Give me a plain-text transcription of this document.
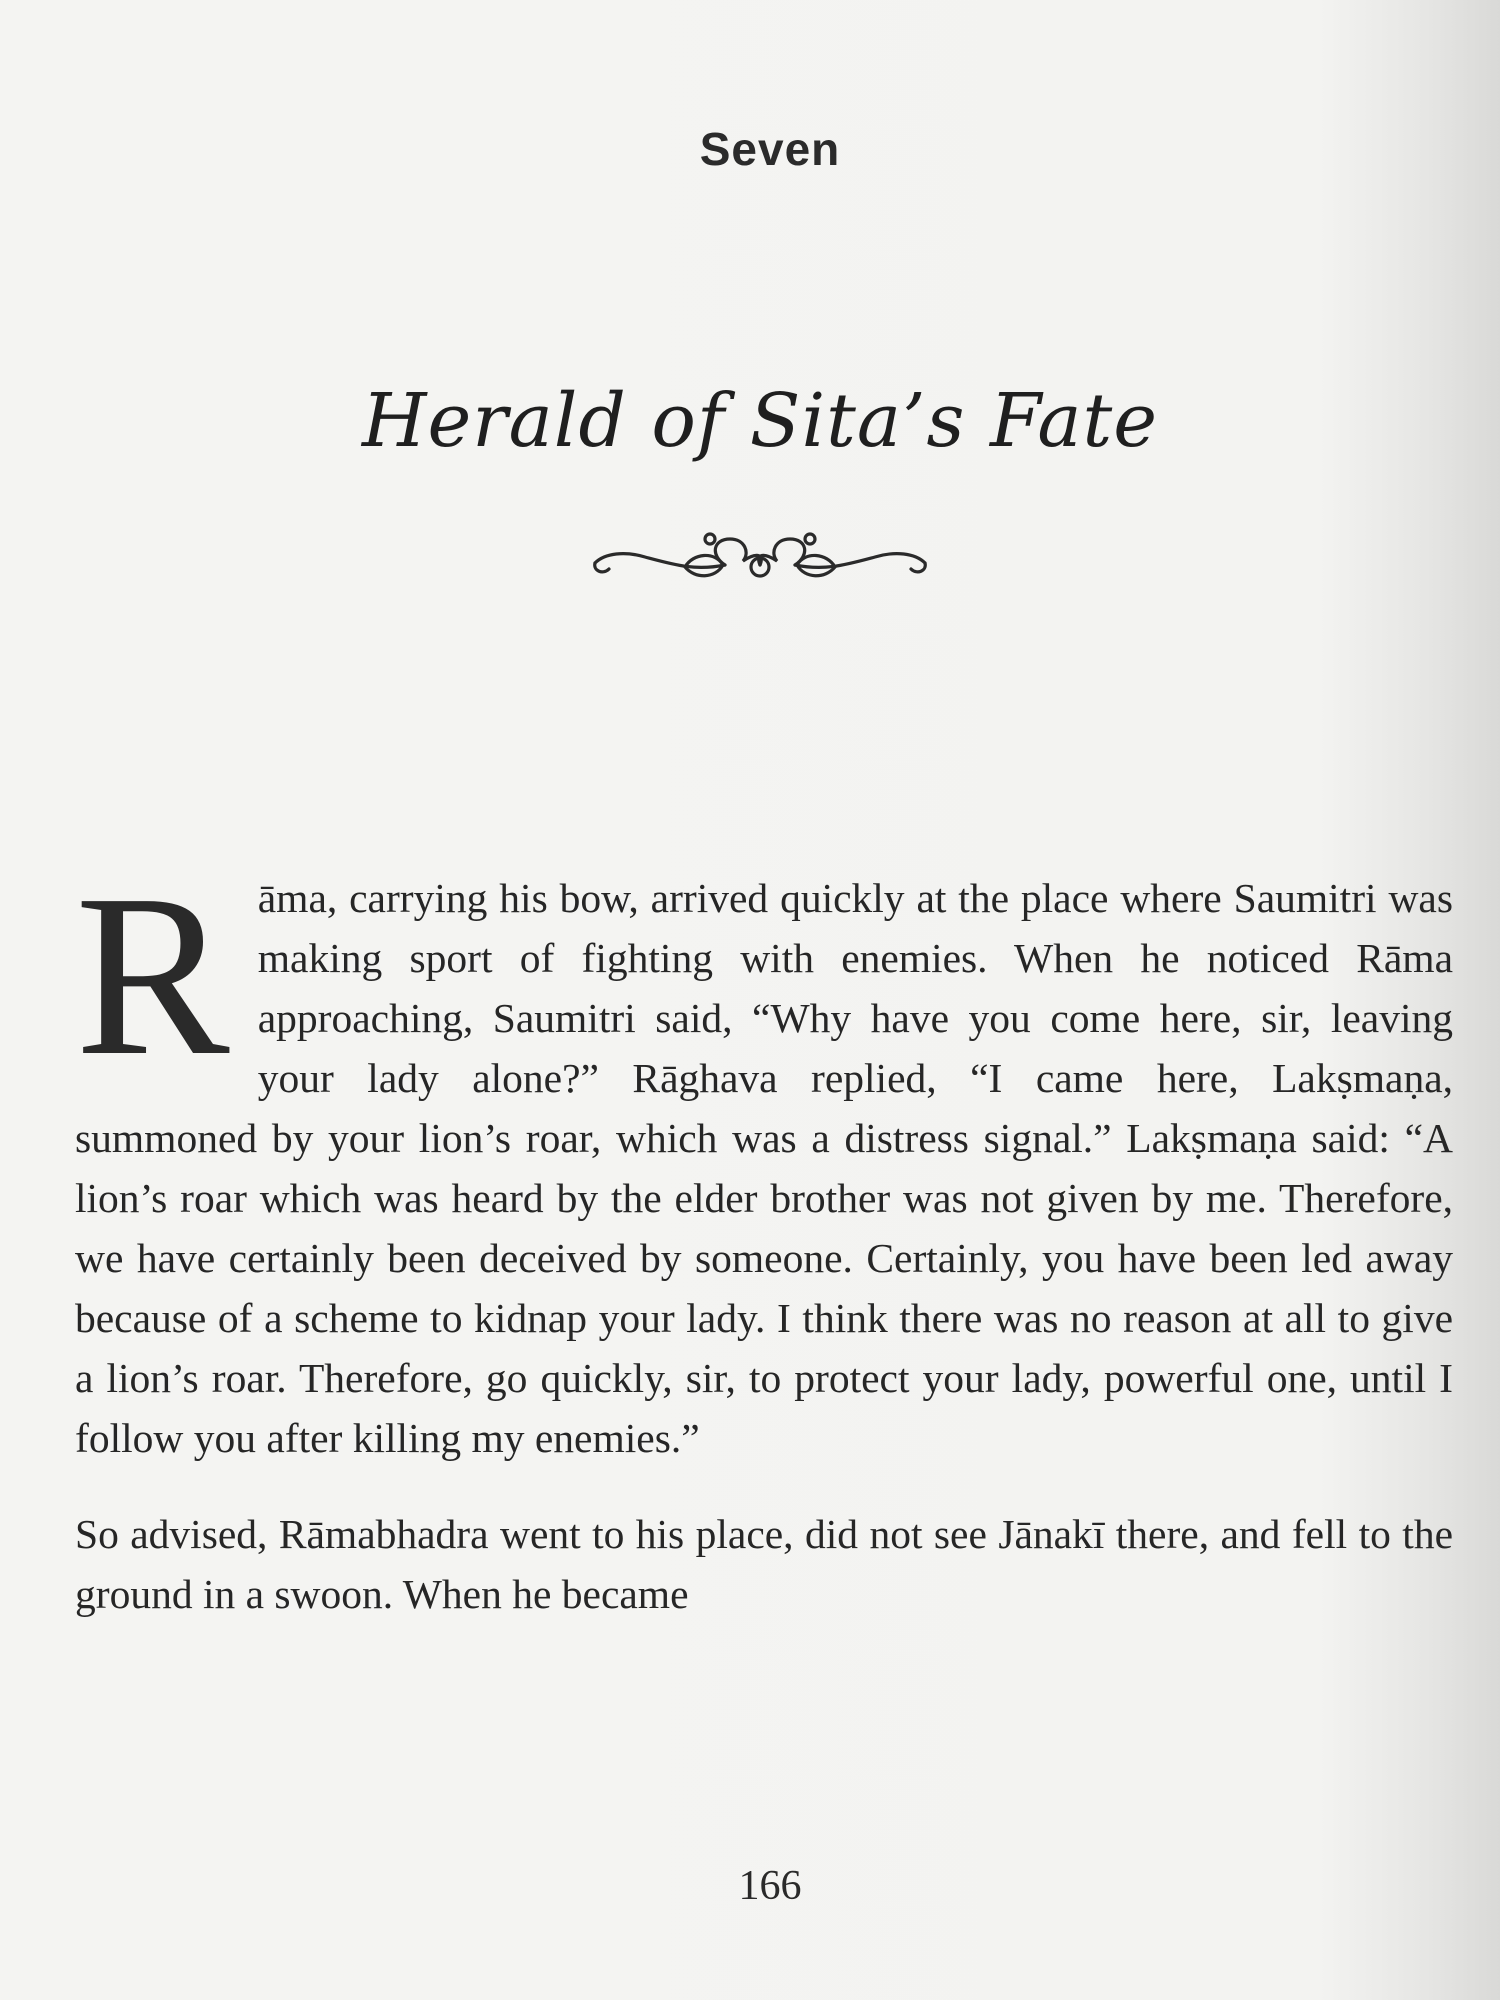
Seven
Herald of Sita’s Fate

Rāma, carrying his bow, arrived quickly at the place where Saumitri was making sport of fighting with enemies. When he noticed Rāma approaching, Saumitri said, “Why have you come here, sir, leaving your lady alone?” Rāghava replied, “I came here, Lakṣmaṇa, summoned by your lion’s roar, which was a distress signal.” Lakṣmaṇa said: “A lion’s roar which was heard by the elder brother was not given by me. Therefore, we have certainly been deceived by someone. Certainly, you have been led away because of a scheme to kidnap your lady. I think there was no reason at all to give a lion’s roar. Therefore, go quickly, sir, to protect your lady, powerful one, until I follow you after killing my enemies.”

So advised, Rāmabhadra went to his place, did not see Jānakī there, and fell to the ground in a swoon. When he became

166
